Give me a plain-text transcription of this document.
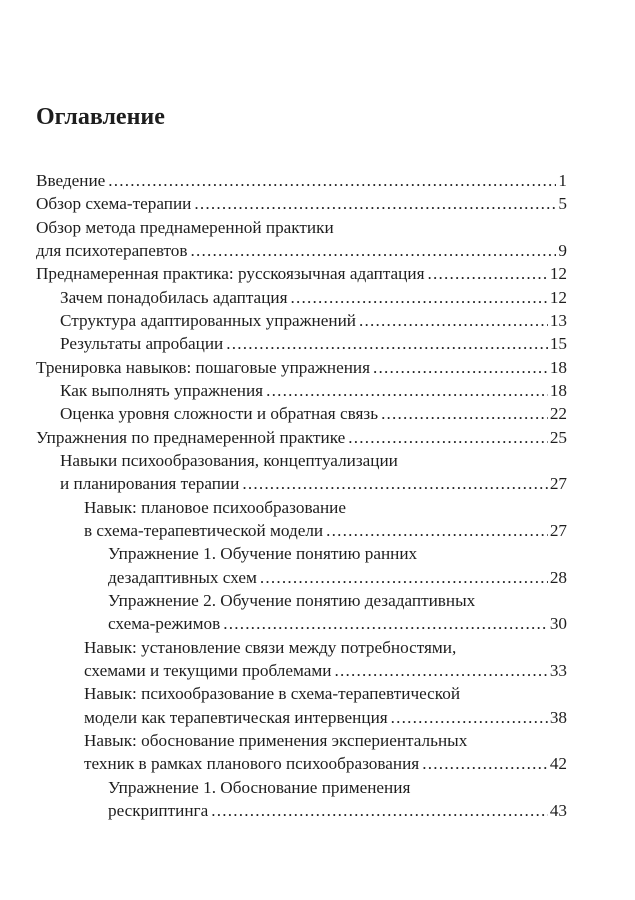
Оглавление
Введение .....	1
Обзор схема-терапии .....	5
Обзор метода преднамеренной практики
для психотерапевтов .....	9
Преднамеренная практика: русскоязычная адаптация .....	12
Зачем понадобилась адаптация .....	12
Структура адаптированных упражнений .....	13
Результаты апробации .....	15
Тренировка навыков: пошаговые упражнения .....	18
Как выполнять упражнения .....	18
Оценка уровня сложности и обратная связь .....	22
Упражнения по преднамеренной практике .....	25
Навыки психообразования, концептуализации
и планирования терапии .....	27
Навык: плановое психообразование
в схема-терапевтической модели .....	27
Упражнение 1. Обучение понятию ранних
дезадаптивных схем .....	28
Упражнение 2. Обучение понятию дезадаптивных
схема-режимов .....	30
Навык: установление связи между потребностями,
схемами и текущими проблемами .....	33
Навык: психообразование в схема-терапевтической
модели как терапевтическая интервенция .....	38
Навык: обоснование применения экспериентальных
техник в рамках планового психообразования .....	42
Упражнение 1. Обоснование применения
рескриптинга .....	43
